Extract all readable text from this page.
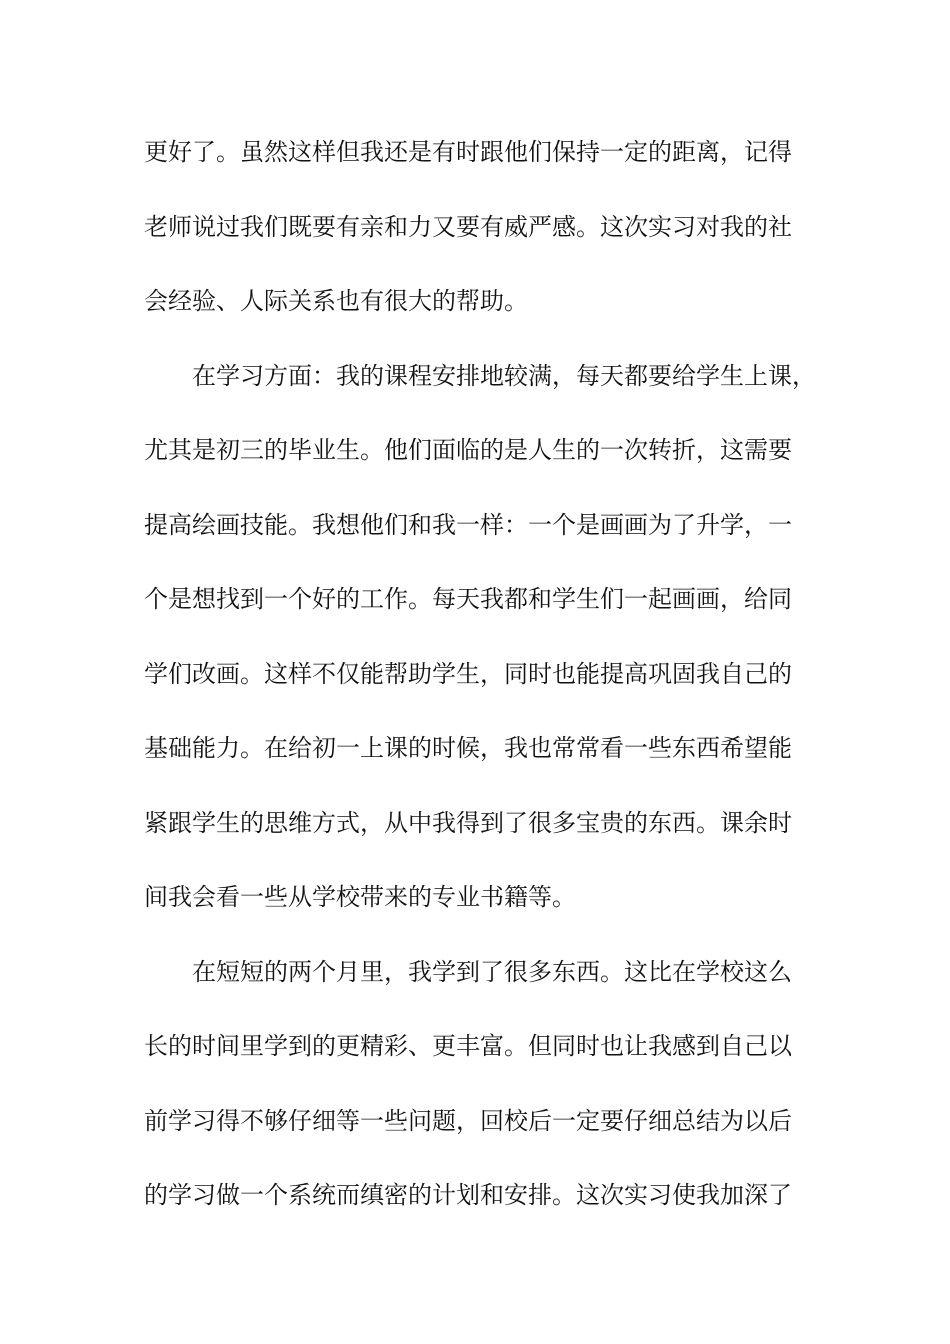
更好了。虽然这样但我还是有时跟他们保持一定的距离，记得
老师说过我们既要有亲和力又要有威严感。这次实习对我的社
会经验、人际关系也有很大的帮助。
在学习方面：我的课程安排地较满，每天都要给学生上课，
尤其是初三的毕业生。他们面临的是人生的一次转折，这需要
提高绘画技能。我想他们和我一样：一个是画画为了升学，一
个是想找到一个好的工作。每天我都和学生们一起画画，给同
学们改画。这样不仅能帮助学生，同时也能提高巩固我自己的
基础能力。在给初一上课的时候，我也常常看一些东西希望能
紧跟学生的思维方式，从中我得到了很多宝贵的东西。课余时
间我会看一些从学校带来的专业书籍等。
在短短的两个月里，我学到了很多东西。这比在学校这么
长的时间里学到的更精彩、更丰富。但同时也让我感到自己以
前学习得不够仔细等一些问题，回校后一定要仔细总结为以后
的学习做一个系统而缜密的计划和安排。这次实习使我加深了
